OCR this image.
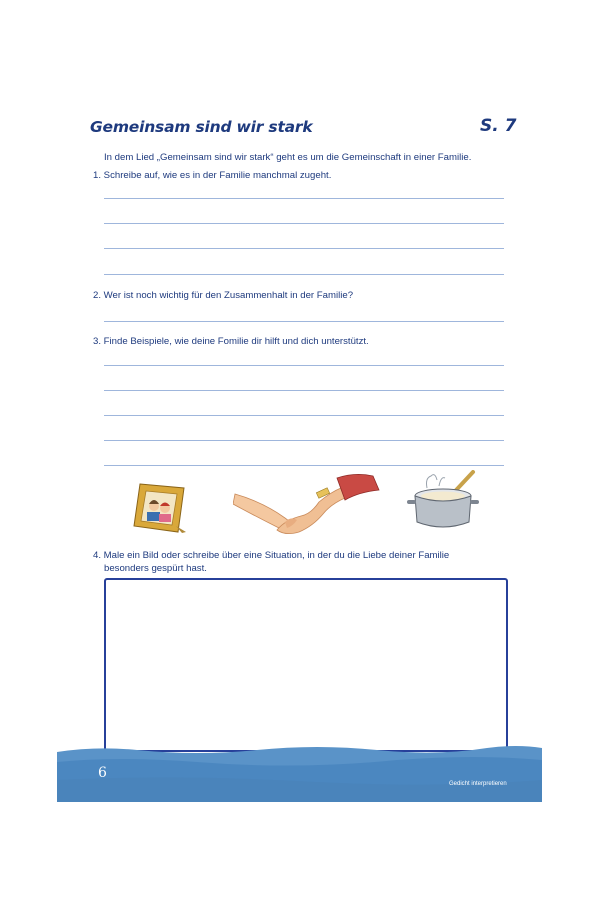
Gemeinsam sind wir stark	S. 7
In dem Lied „Gemeinsam sind wir stark“ geht es um die Gemeinschaft in einer Familie.
1. Schreibe auf, wie es in der Familie manchmal zugeht.
2. Wer ist noch wichtig für den Zusammenhalt in der Familie?
3. Finde Beispiele, wie deine Fomilie dir hilft und dich unterstützt.
4. Male ein Bild oder schreibe über eine Situation, in der du die Liebe deiner Familie
besonders gespürt hast.
6
Gedicht interpretieren
